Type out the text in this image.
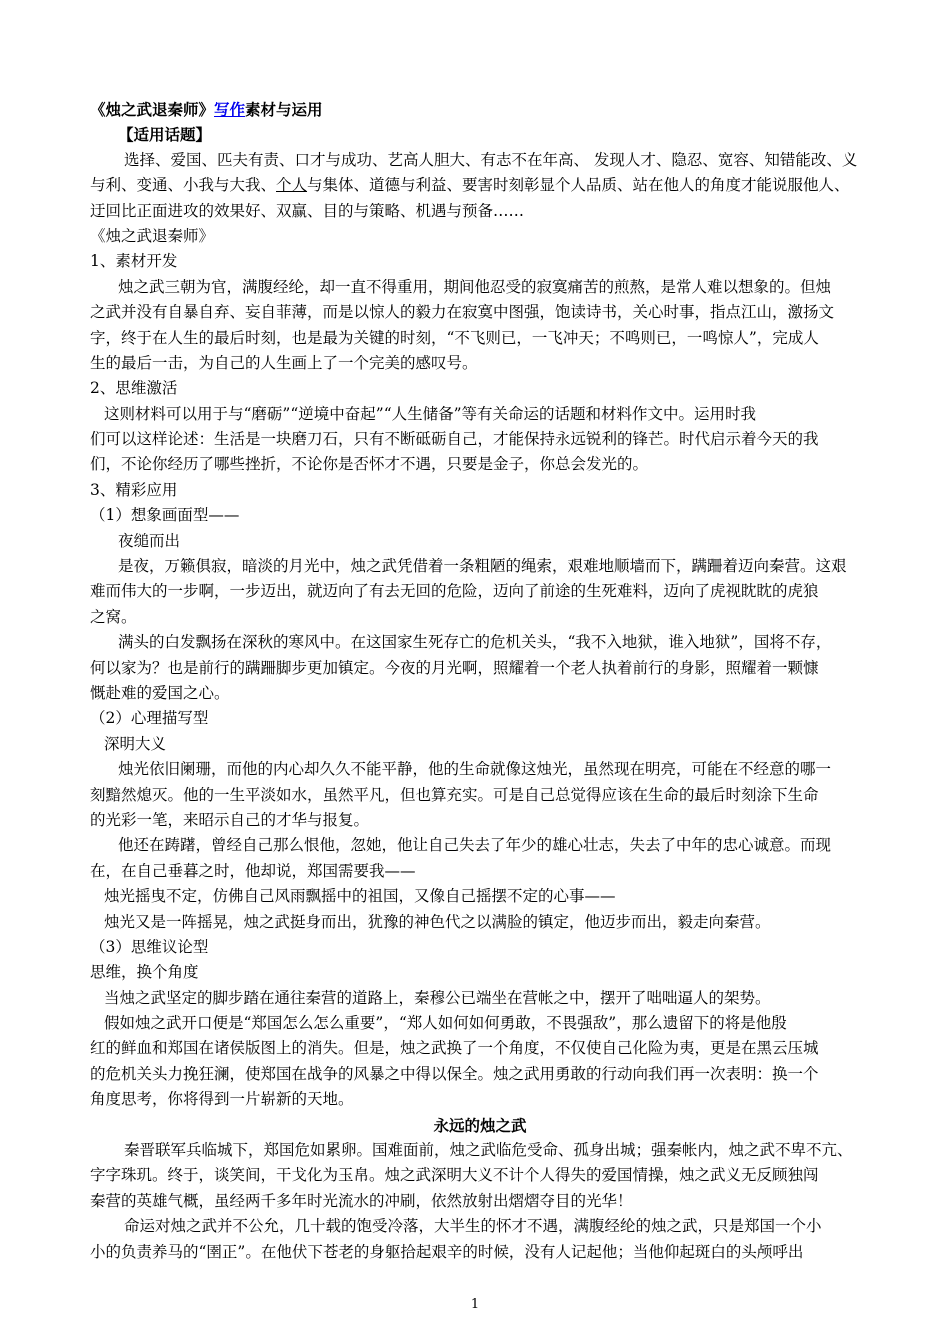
《烛之武退秦师》写作素材与运用
【适用话题】
选择、爱国、匹夫有责、口才与成功、艺高人胆大、有志不在年高、 发现人才、隐忍、宽容、知错能改、义
与利、变通、小我与大我、个人与集体、道德与利益、要害时刻彰显个人品质、站在他人的角度才能说服他人、
迂回比正面进攻的效果好、双赢、目的与策略、机遇与预备……
《烛之武退秦师》
1、素材开发
烛之武三朝为官，满腹经纶，却一直不得重用，期间他忍受的寂寞痛苦的煎熬，是常人难以想象的。但烛
之武并没有自暴自弃、妄自菲薄，而是以惊人的毅力在寂寞中图强，饱读诗书，关心时事，指点江山，激扬文
字，终于在人生的最后时刻，也是最为关键的时刻，“不飞则已，一飞冲天；不鸣则已，一鸣惊人”，完成人
生的最后一击，为自己的人生画上了一个完美的感叹号。
2、思维激活
这则材料可以用于与“磨砺”“逆境中奋起”“人生储备”等有关命运的话题和材料作文中。运用时我
们可以这样论述：生活是一块磨刀石，只有不断砥砺自己，才能保持永远锐利的锋芒。时代启示着今天的我
们，不论你经历了哪些挫折，不论你是否怀才不遇，只要是金子，你总会发光的。
3、精彩应用
（1）想象画面型——
夜缒而出
是夜，万籁俱寂，暗淡的月光中，烛之武凭借着一条粗陋的绳索，艰难地顺墙而下，蹒跚着迈向秦营。这艰
难而伟大的一步啊，一步迈出，就迈向了有去无回的危险，迈向了前途的生死难料，迈向了虎视眈眈的虎狼
之窝。
满头的白发飘扬在深秋的寒风中。在这国家生死存亡的危机关头，“我不入地狱，谁入地狱”，国将不存，
何以家为？也是前行的蹒跚脚步更加镇定。今夜的月光啊，照耀着一个老人执着前行的身影，照耀着一颗慷
慨赴难的爱国之心。
（2）心理描写型
深明大义
烛光依旧阑珊，而他的内心却久久不能平静，他的生命就像这烛光，虽然现在明亮，可能在不经意的哪一
刻黯然熄灭。他的一生平淡如水，虽然平凡，但也算充实。可是自己总觉得应该在生命的最后时刻涂下生命
的光彩一笔，来昭示自己的才华与报复。
他还在踌躇，曾经自己那么恨他，忽她，他让自己失去了年少的雄心壮志，失去了中年的忠心诚意。而现
在，在自己垂暮之时，他却说，郑国需要我——
烛光摇曳不定，仿佛自己风雨飘摇中的祖国，又像自己摇摆不定的心事——
烛光又是一阵摇晃，烛之武挺身而出，犹豫的神色代之以满脸的镇定，他迈步而出，毅走向秦营。
（3）思维议论型
思维，换个角度
当烛之武坚定的脚步踏在通往秦营的道路上，秦穆公已端坐在营帐之中，摆开了咄咄逼人的架势。
假如烛之武开口便是“郑国怎么怎么重要”，“郑人如何如何勇敢，不畏强敌”，那么遗留下的将是他殷
红的鲜血和郑国在诸侯版图上的消失。但是，烛之武换了一个角度，不仅使自己化险为夷，更是在黑云压城
的危机关头力挽狂澜，使郑国在战争的风暴之中得以保全。烛之武用勇敢的行动向我们再一次表明：换一个
角度思考，你将得到一片崭新的天地。
永远的烛之武
秦晋联军兵临城下，郑国危如累卵。国难面前，烛之武临危受命、孤身出城；强秦帐内，烛之武不卑不亢、
字字珠玑。终于，谈笑间，干戈化为玉帛。烛之武深明大义不计个人得失的爱国情操，烛之武义无反顾独闯
秦营的英雄气概，虽经两千多年时光流水的冲刷，依然放射出熠熠夺目的光华！
命运对烛之武并不公允，几十载的饱受冷落，大半生的怀才不遇，满腹经纶的烛之武，只是郑国一个小
小的负责养马的“圉正”。在他伏下苍老的身躯拾起艰辛的时候，没有人记起他；当他仰起斑白的头颅呼出
1
